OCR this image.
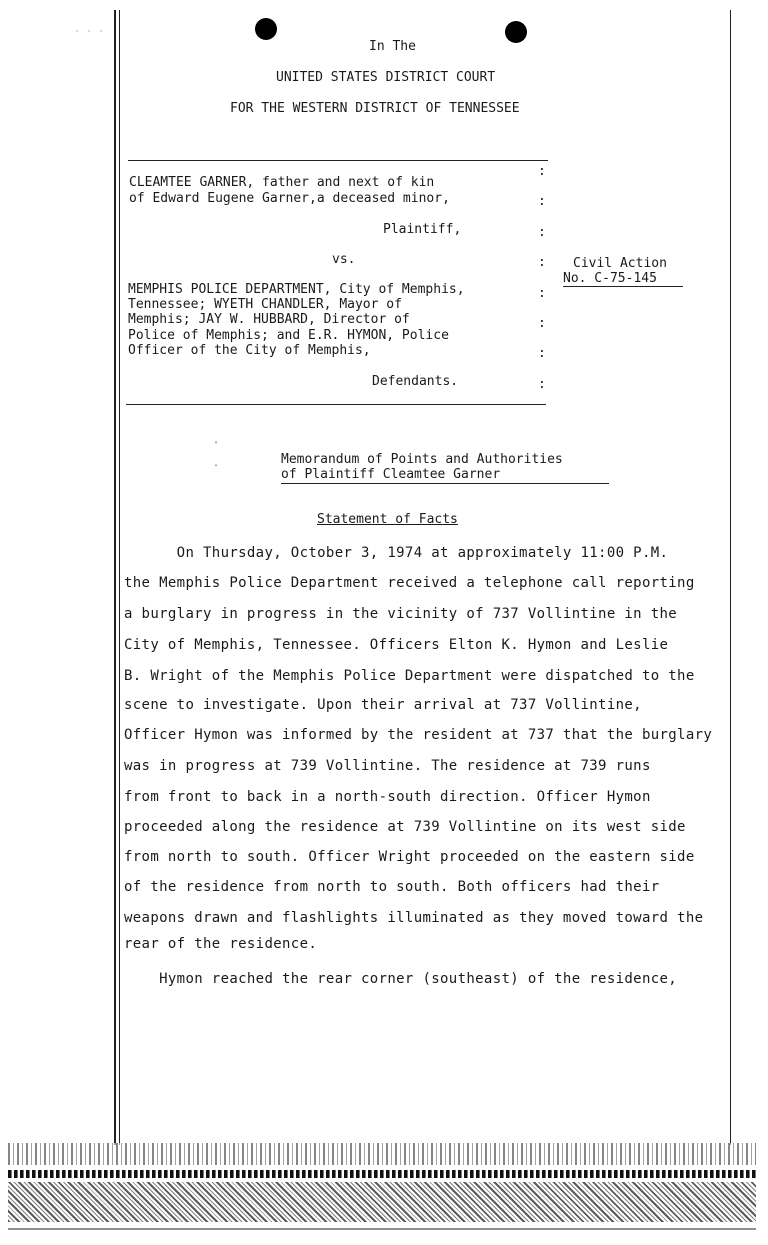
˙ ˙ ˙
In The
UNITED STATES DISTRICT COURT
FOR THE WESTERN DISTRICT OF TENNESSEE
CLEAMTEE GARNER, father and next of kin
of Edward Eugene Garner,a deceased minor,
Plaintiff,
vs.
MEMPHIS POLICE DEPARTMENT, City of Memphis,
Tennessee; WYETH CHANDLER, Mayor of
Memphis; JAY W. HUBBARD, Director of
Police of Memphis; and E.R. HYMON, Police
Officer of the City of Memphis,
Defendants.
:
:
:
:
:
:
:
:
Civil Action
No. C-75-145
'
.	Memorandum of Points and Authorities
of Plaintiff Cleamtee Garner
Statement of Facts
On Thursday, October 3, 1974 at approximately 11:00 P.M.
the Memphis Police Department received a telephone call reporting
a burglary in progress in the vicinity of 737 Vollintine in the
City of Memphis, Tennessee. Officers Elton K. Hymon and Leslie
B. Wright of the Memphis Police Department were dispatched to the
scene to investigate. Upon their arrival at 737 Vollintine,
Officer Hymon was informed by the resident at 737 that the burglary
was in progress at 739 Vollintine. The residence at 739 runs
from front to back in a north-south direction. Officer Hymon
proceeded along the residence at 739 Vollintine on its west side
from north to south. Officer Wright proceeded on the eastern side
of the residence from north to south. Both officers had their
weapons drawn and flashlights illuminated as they moved toward the
rear of the residence.
Hymon reached the rear corner (southeast) of the residence,
